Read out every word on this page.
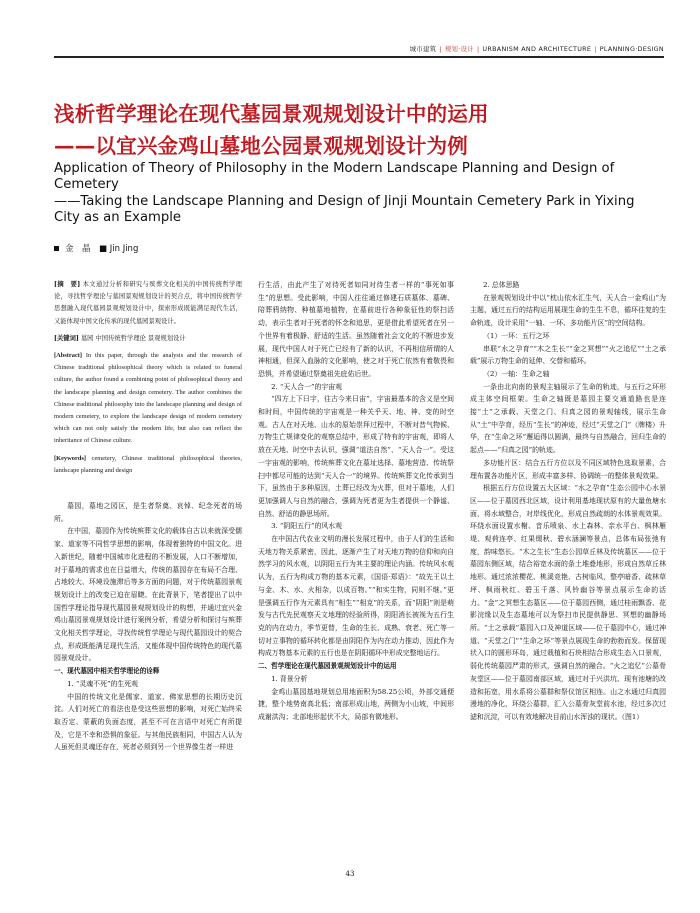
城市建筑 | 规划·设计 | URBANISM AND ARCHITECTURE | PLANNING·DESIGN
浅析哲学理论在现代墓园景观规划设计中的运用
——以宜兴金鸡山墓地公园景观规划设计为例
Application of Theory of Philosophy in the Modern Landscape Planning and Design of Cemetery
——Taking the Landscape Planning and Design of Jinji Mountain Cemetery Park in Yixing City as an Example
金　晶　■ Jin Jing

[摘　要] 本文通过分析和研究与殡葬文化相关的中国传统哲学理论，寻找哲学理论与墓园景观规划设计的契合点，将中国传统哲学思想融入现代墓园景观规划设计中，探索形成既能满足现代生活，又能体现中国文化传承的现代墓园景观设计。

[关键词] 墓园 中国传统哲学理论 景观规划设计

[Abstract] In this paper, through the analysis and the research of Chinese traditional philosophical theory which is related to funeral culture, the author found a combining point of philosophical theory and the landscape planning and design cemetery. The author combines the Chinese traditional philosophy into the landscape planning and design of modern cemetery, to explore the landscape design of modern cemetery which can not only satisfy the modern life, but also can reflect the inheritance of Chinese culture.

[Keywords] cemetery, Chinese traditional philosophical theories, landscape planning and design

墓园，墓地之园区，是生者祭奠、哀悼、纪念死者的场所。

在中国，墓园作为传统殡葬文化的载体自古以来就深受儒家、道家等不同哲学思想的影响，体现着独特的中国文化。进入新世纪，随着中国城市化进程的不断发展，人口不断增加，对于墓地的需求也在日益增大，传统的墓园存在布局不合理、占地较大、环境设施滞后等多方面的问题，对于传统墓园景观规划设计上的改变已迫在眉睫。在此背景下，笔者提出了以中国哲学理论指导现代墓园景观规划设计的构想，并通过宜兴金鸡山墓园景观规划设计进行案例分析，希望分析和探讨与殡葬文化相关哲学理论，寻找传统哲学理论与现代墓园设计的契合点，形成既能满足现代生活，又能体现中国传统特色的现代墓园景观设计。

一、现代墓园中相关哲学理论的诠释

1. “灵魂不死”的生死观

中国的传统文化是儒家、道家、佛家思想的长期历史沉淀。人们对死亡的看法也是受这些思想的影响，对死亡始终采取否定、蒙蔽的负面态度，甚至不可在言语中对死亡有所提及，它是不幸和恐惧的象征。与其他民族相同，中国古人认为人虽死但灵魂还存在，死者必须到另一个世界像生者一样进

行生活，由此产生了对待死者如同对待生者一样的“事死如事生”的思想。受此影响，中国人往往通过修建石质墓体、墓碑、陪葬鸦纳物、种植墓地植物，在墓前进行各种象征性的祭扫活动，表示生者对于死者的怀念和追思，更是借此希望死者在另一个世界有着极静、舒适的生活。虽然随着社会文化的不断进步发展，现代中国人对于死亡已经有了新的认识，不再相信所谓的人神相通，但深入血脉的文化影响，使之对于死亡依然有着敬畏和恐惧，并希望通过祭奠祖先庇佑后世。

2. “天人合一”的宇宙观

“四方上下曰宇，往古今来曰宙”，宇宙最基本的含义是空间和时间，中国传统的宇宙观是一种关乎天、地、神、变的时空观。古人在对天地、山水的原始崇拜过程中，不断对昔气物候、万物生亡规律变化的观察总结中，形成了特有的宇宙观，即将人放在天地、时空中去认识，强调“道法自然”、“天人合一”。受这一宇宙观的影响，传统殡葬文化在墓址选择、墓地营造、传统祭扫中都尽可能的达到“天人合一”的境界。传统殡葬文化传承到当下，虽然由于多种原因，土葬已经改为火葬，但对于墓地，人们更加强调人与自然的融合，强调为死者更为生者提供一个静谧、自然、舒适的静思场所。

3. “阴阳五行”的风水观

在中国古代农业文明的漫长发展过程中，由于人们的生活和天地万物关系紧密，因此，逐渐产生了对天地万物的信仰和向自然学习的风水观，以阴阳五行为其主要的理论内涵。传统风水观认为，五行为构成万物的基本元素，《国语·郑语》：“故先王以土与金、木、水、火相杂，以成百物。”“和实生物，同则不继。”更是强调五行作为元素具有“相生”“相克”的关系，而“阴阳”则是萌发与古代先民观察天文地理的经验所得，阴阳消长被视为五行生克的内在动力，季节更替，生命的生长、成熟、衰老、死亡等一切对立事物的循环转化都是由阴阳作为内在动力推动，因此作为构成万物基本元素的五行也是在阴阳循环中形成完整地运行。

二、哲学理论在现代墓园景观规划设计中的运用

1. 背景分析

金鸡山墓园基地规划总用地面积为58.25公顷，外部交通便捷，整个地势南高北低；南部形成山地，两侧为小山坡，中间形成谢洪沟；北部地形起伏不大，局部有微地形。

2. 总体思路

在景观规划设计中以“枕山依水汇生气，天人合一金鸡山”为主题，通过五行的结构运用展现生命的生生不息，循环往复的生命轨迹，设计采用“一轴、一环、多功能片区”的空间结构。

（1）一环：五行之环

串联“水之孕育”“木之生长”“金之冥想”“火之追忆”“土之承载”展示万物生命的延伸、交替和循环。

（2）一轴：生命之轴

一条由北向南的景观主轴展示了生命的轨迹，与五行之环形成主体空间框架。生命之轴既是墓园主要交通道路也是连接“土”之承载、天堂之门、归真之园的景观轴线，展示生命从“土”中孕育，经历“生长”的神迹，经过“天堂之门”（牌楼）升华，在“生命之环”邂逅得以圆满，最终与自然融合，回归生命的起点——“归真之园”的轨迹。

多功能片区：结合五行方位以及不同区域特色选取景素，合理布置各功能片区，形成丰富多样、协调统一的整体景观效果。

根据五行方位设置五大区域：“水之孕育”生态公园中心水景区——位于墓园西北区域，设计利用基地现状原有的大量鱼塘水面，将水域整合，对岸线优化，形成自然疏朗的水体景观效果。环绕水面设置水榭、音乐喷泉、水上森林、亲水平台、枫林雁堤、观荷连亭、红果缀秋、碧水涵澜等景点，总体布局张弛有度，韵味悠长。“木之生长”生态公园草丘林及传统墓区——位于墓园东侧区域，结合裕宽水面的条土堆叠地形，形成自然草丘林地形。通过浓浓樱花、桃溪竞艳、古树临风，整亭暗香、疏林草坪、枫雨秋红、碧玉千落、风铃幽谷等景点展示生命的活力。“金”之冥想生态墓区——位于墓园西侧，通过桂雨飘香、花影浣缘以及生态墓地可以为祭扫市民提供静思、冥想的幽静场所。“土之承载”墓园入口及神道区域——位于墓园中心，通过神道、“天堂之门”“生命之环”等景点展现生命的勃勃而发。保留现状入口的圆形环岛，通过栽植和石块相结合形成生态入口景观，弱化传统墓园严肃的形式，强调自然的融合。“火之追忆”公墓骨灰堂区——位于墓园南部区域，通过对于兴洪坑、现有池塘的改造和拓宽，用水系将公墓群和祭仪馆区相连。山之水通过归真园漫地的净化，环绕公墓群，汇入公墓骨灰堂前水池，经过多次过滤和沉淀，可以有效地解决目前山水浑浊的现状。（图1）

43
